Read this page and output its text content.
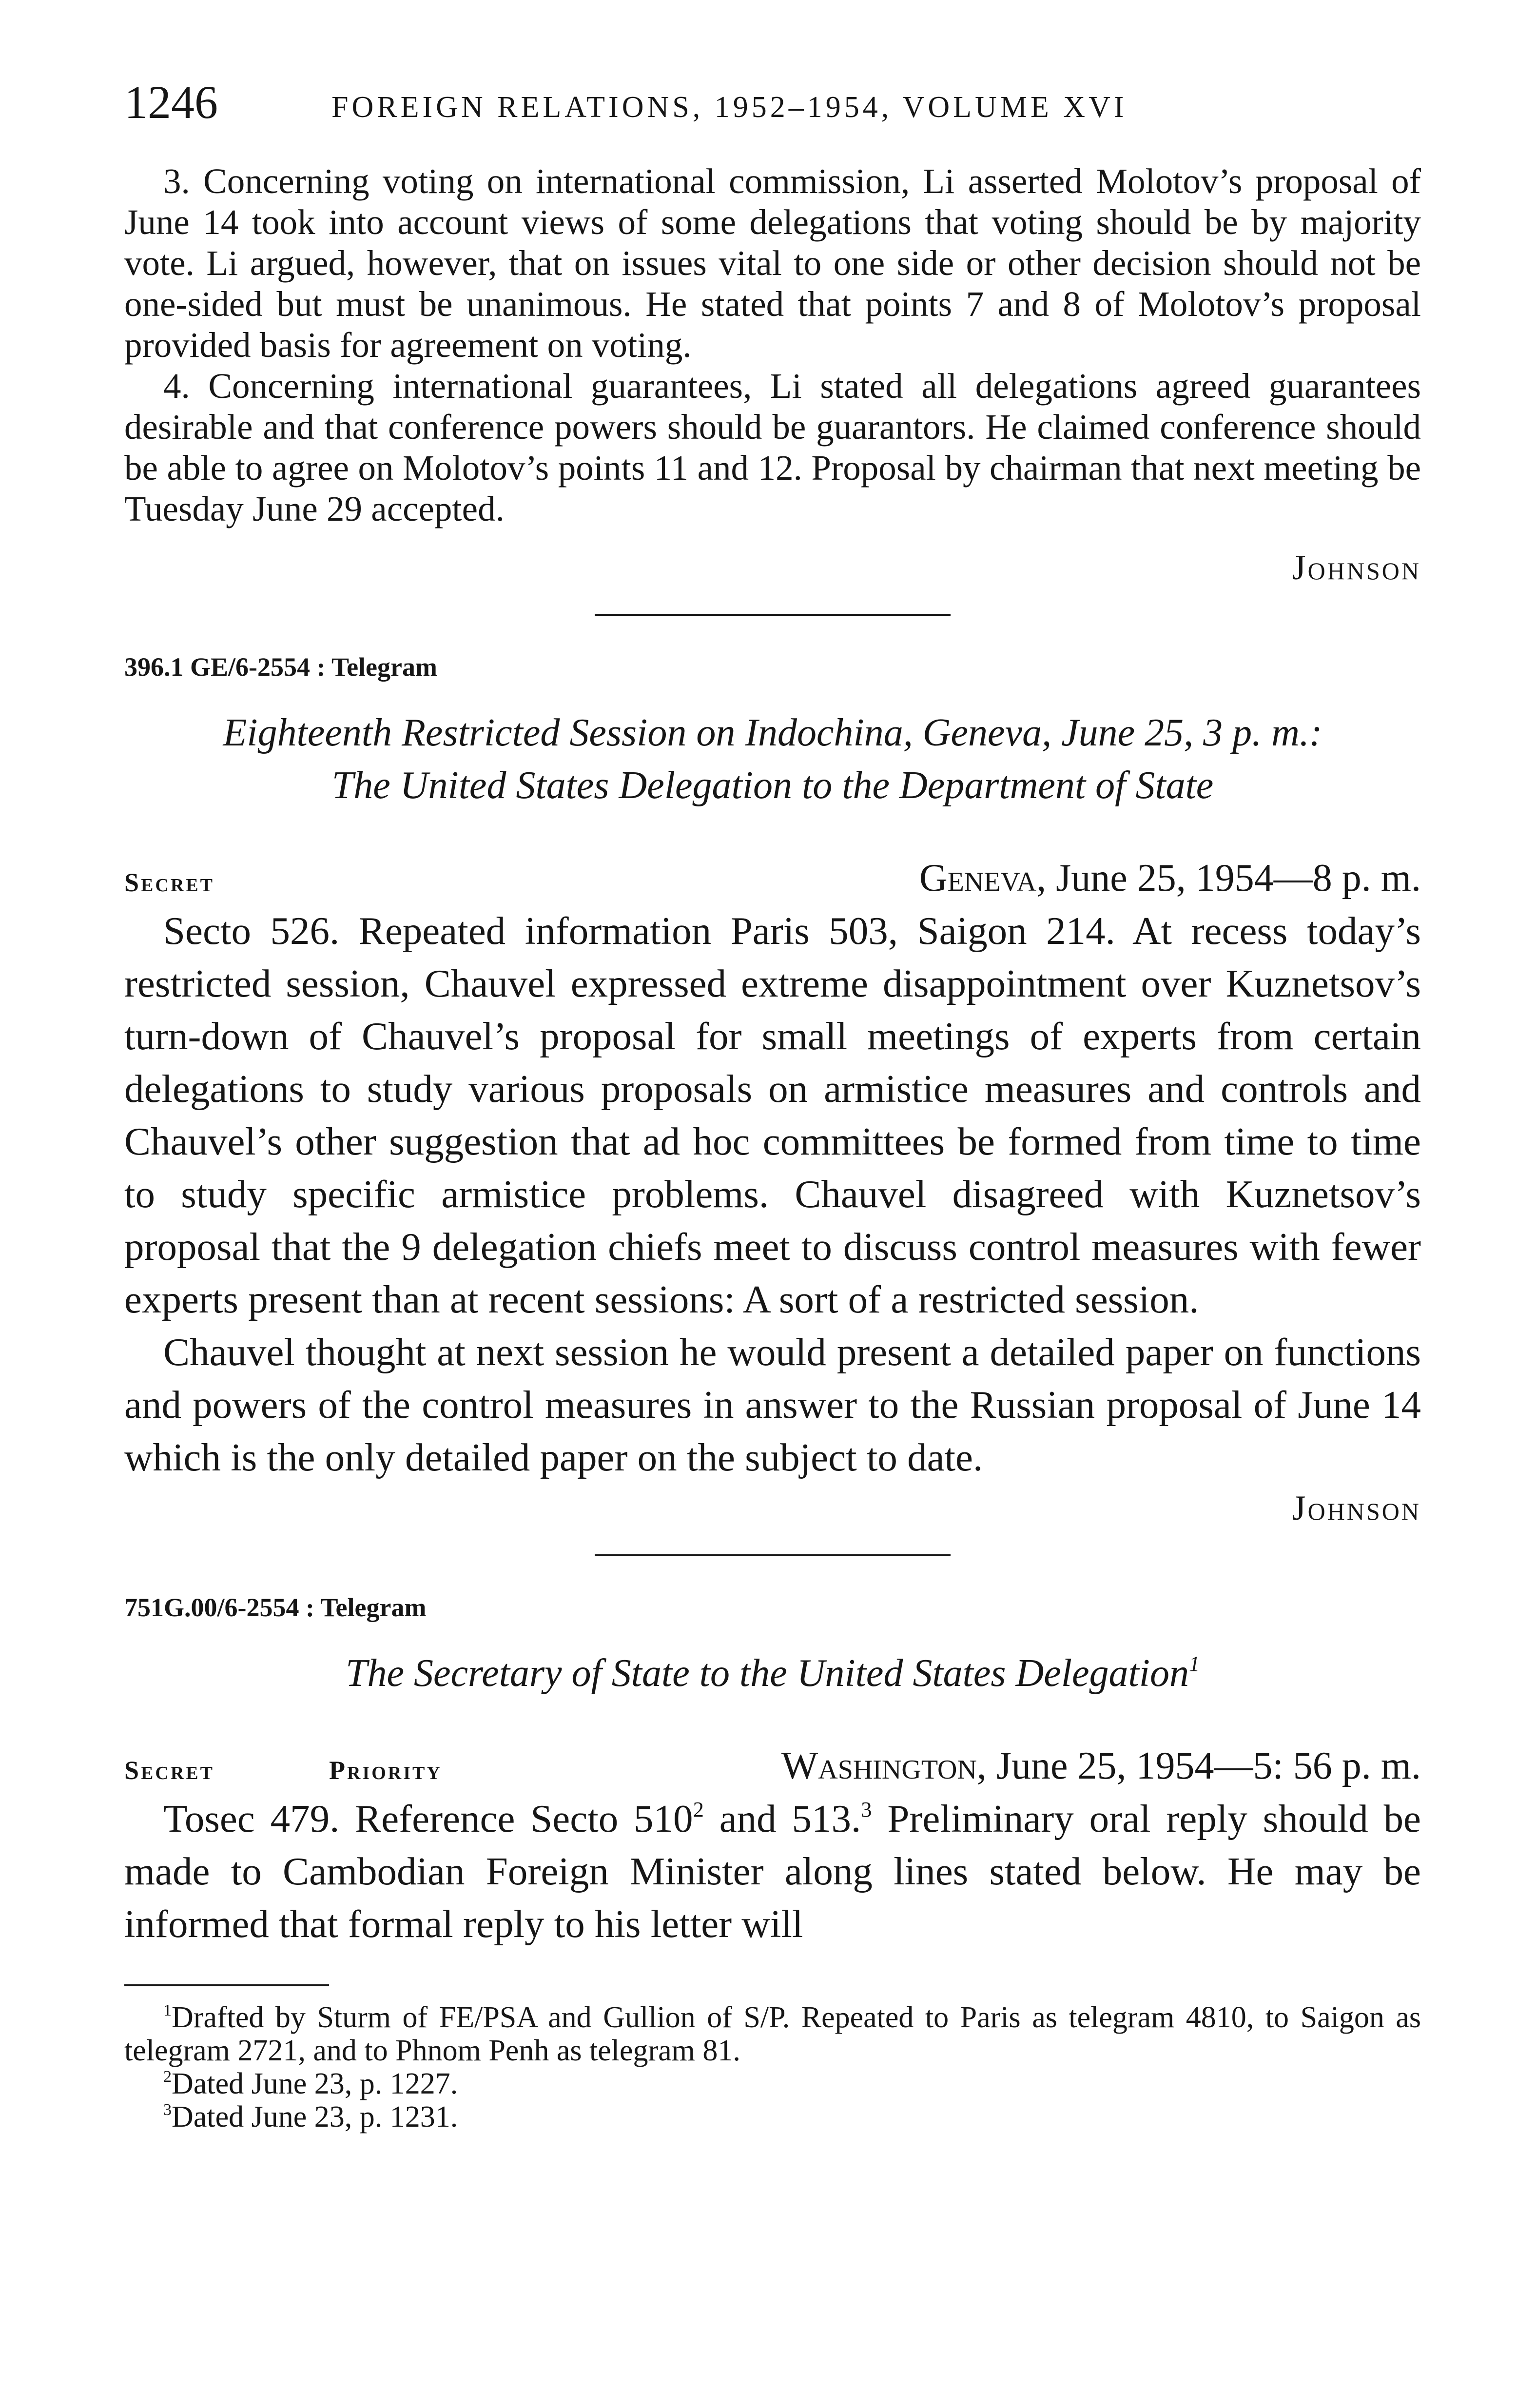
1246	FOREIGN RELATIONS, 1952–1954, VOLUME XVI

3. Concerning voting on international commission, Li asserted Molotov’s proposal of June 14 took into account views of some delegations that voting should be by majority vote. Li argued, however, that on issues vital to one side or other decision should not be one-sided but must be unanimous. He stated that points 7 and 8 of Molotov’s proposal provided basis for agreement on voting.

4. Concerning international guarantees, Li stated all delegations agreed guarantees desirable and that conference powers should be guarantors. He claimed conference should be able to agree on Molotov’s points 11 and 12. Proposal by chairman that next meeting be Tuesday June 29 accepted.

Johnson
396.1 GE/6-2554 : Telegram
Eighteenth Restricted Session on Indochina, Geneva, June 25, 3 p. m.:
The United States Delegation to the Department of State
Secret	Geneva, June 25, 1954—8 p. m.

Secto 526. Repeated information Paris 503, Saigon 214. At recess today’s restricted session, Chauvel expressed extreme disappointment over Kuznetsov’s turn-down of Chauvel’s proposal for small meetings of experts from certain delegations to study various proposals on armistice measures and controls and Chauvel’s other suggestion that ad hoc committees be formed from time to time to study specific armistice problems. Chauvel disagreed with Kuznetsov’s proposal that the 9 delegation chiefs meet to discuss control measures with fewer experts present than at recent sessions: A sort of a restricted session.

Chauvel thought at next session he would present a detailed paper on functions and powers of the control measures in answer to the Russian proposal of June 14 which is the only detailed paper on the subject to date.

Johnson
751G.00/6-2554 : Telegram
The Secretary of State to the United States Delegation$^1$
Secret	Priority	Washington, June 25, 1954—5: 56 p. m.

Tosec 479. Reference Secto $510^2$ and 513.$^3$ Preliminary oral reply should be made to Cambodian Foreign Minister along lines stated below. He may be informed that formal reply to his letter will

$^1$Drafted by Sturm of FE/PSA and Gullion of S/P. Repeated to Paris as telegram 4810, to Saigon as telegram 2721, and to Phnom Penh as telegram 81.

$^2$Dated June 23, p. 1227.

$^3$Dated June 23, p. 1231.
